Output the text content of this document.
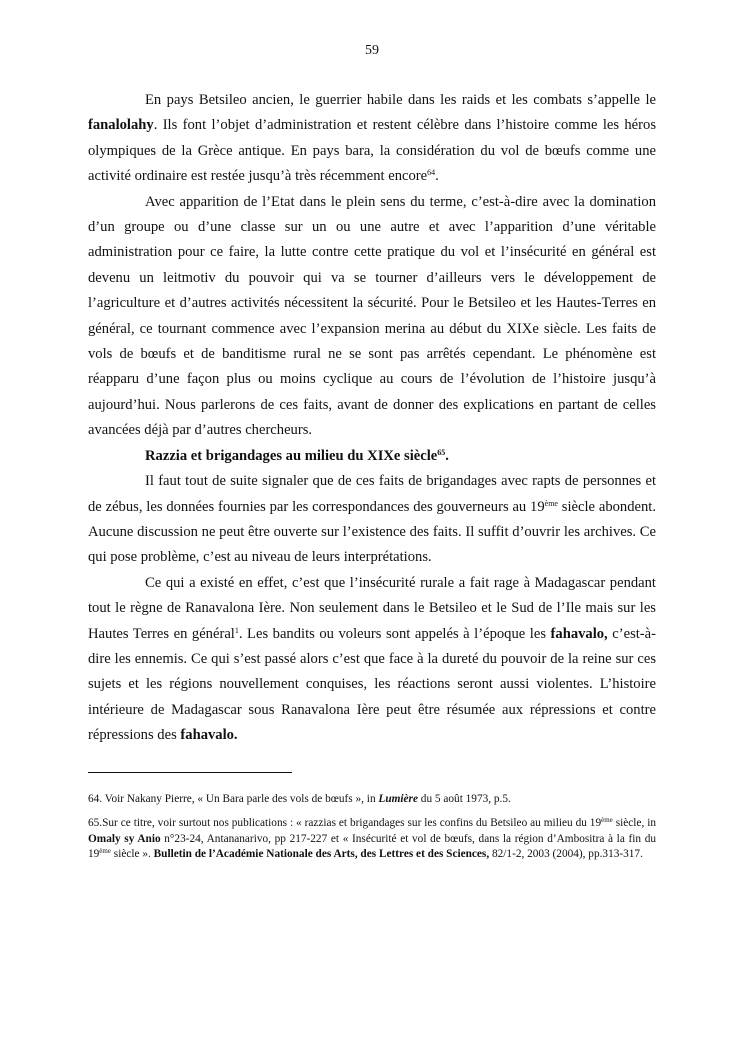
59

En pays Betsileo ancien, le guerrier habile dans les raids et les combats s’appelle le fanalolahy. Ils font l’objet d’administration et restent célèbre dans l’histoire comme les héros olympiques de la Grèce antique. En pays bara, la considération du vol de bœufs comme une activité ordinaire est restée jusqu’à très récemment encore$^{64}$.

Avec apparition de l’Etat dans le plein sens du terme, c’est-à-dire avec la domination d’un groupe ou d’une classe sur un ou une autre et avec l’apparition d’une véritable administration pour ce faire, la lutte contre cette pratique du vol et l’insécurité en général est devenu un leitmotiv du pouvoir qui va se tourner d’ailleurs vers le développement de l’agriculture et d’autres activités nécessitent la sécurité. Pour le Betsileo et les Hautes-Terres en général, ce tournant commence avec l’expansion merina au début du XIXe siècle. Les faits de vols de bœufs et de banditisme rural ne se sont pas arrêtés cependant. Le phénomène est réapparu d’une façon plus ou moins cyclique au cours de l’évolution de l’histoire jusqu’à aujourd’hui. Nous parlerons de ces faits, avant de donner des explications en partant de celles avancées déjà par d’autres chercheurs.

Razzia et brigandages au milieu du XIXe siècle$^{65}$.

Il faut tout de suite signaler que de ces faits de brigandages avec rapts de personnes et de zébus, les données fournies par les correspondances des gouverneurs au 19ème siècle abondent. Aucune discussion ne peut être ouverte sur l’existence des faits. Il suffit d’ouvrir les archives. Ce qui pose problème, c’est au niveau de leurs interprétations.

Ce qui a existé en effet, c’est que l’insécurité rurale a fait rage à Madagascar pendant tout le règne de Ranavalona Ière. Non seulement dans le Betsileo et le Sud de l’Ile mais sur les Hautes Terres en général$^1$. Les bandits ou voleurs sont appelés à l’époque les fahavalo, c’est-à-dire les ennemis. Ce qui s’est passé alors c’est que face à la dureté du pouvoir de la reine sur ces sujets et les régions nouvellement conquises, les réactions seront aussi violentes. L’histoire intérieure de Madagascar sous Ranavalona Ière peut être résumée aux répressions et contre répressions des fahavalo.

64. Voir Nakany Pierre, « Un Bara parle des vols de bœufs », in Lumière du 5 août 1973, p.5.

65.Sur ce titre, voir surtout nos publications : « razzias et brigandages sur les confins du Betsileo au milieu du 19ème siècle, in Omaly sy Anio n°23-24, Antananarivo, pp 217-227 et « Insécurité et vol de bœufs, dans la région d’Ambositra à la fin du 19ème siècle ». Bulletin de l’Académie Nationale des Arts, des Lettres et des Sciences, 82/1-2, 2003 (2004), pp.313-317.
